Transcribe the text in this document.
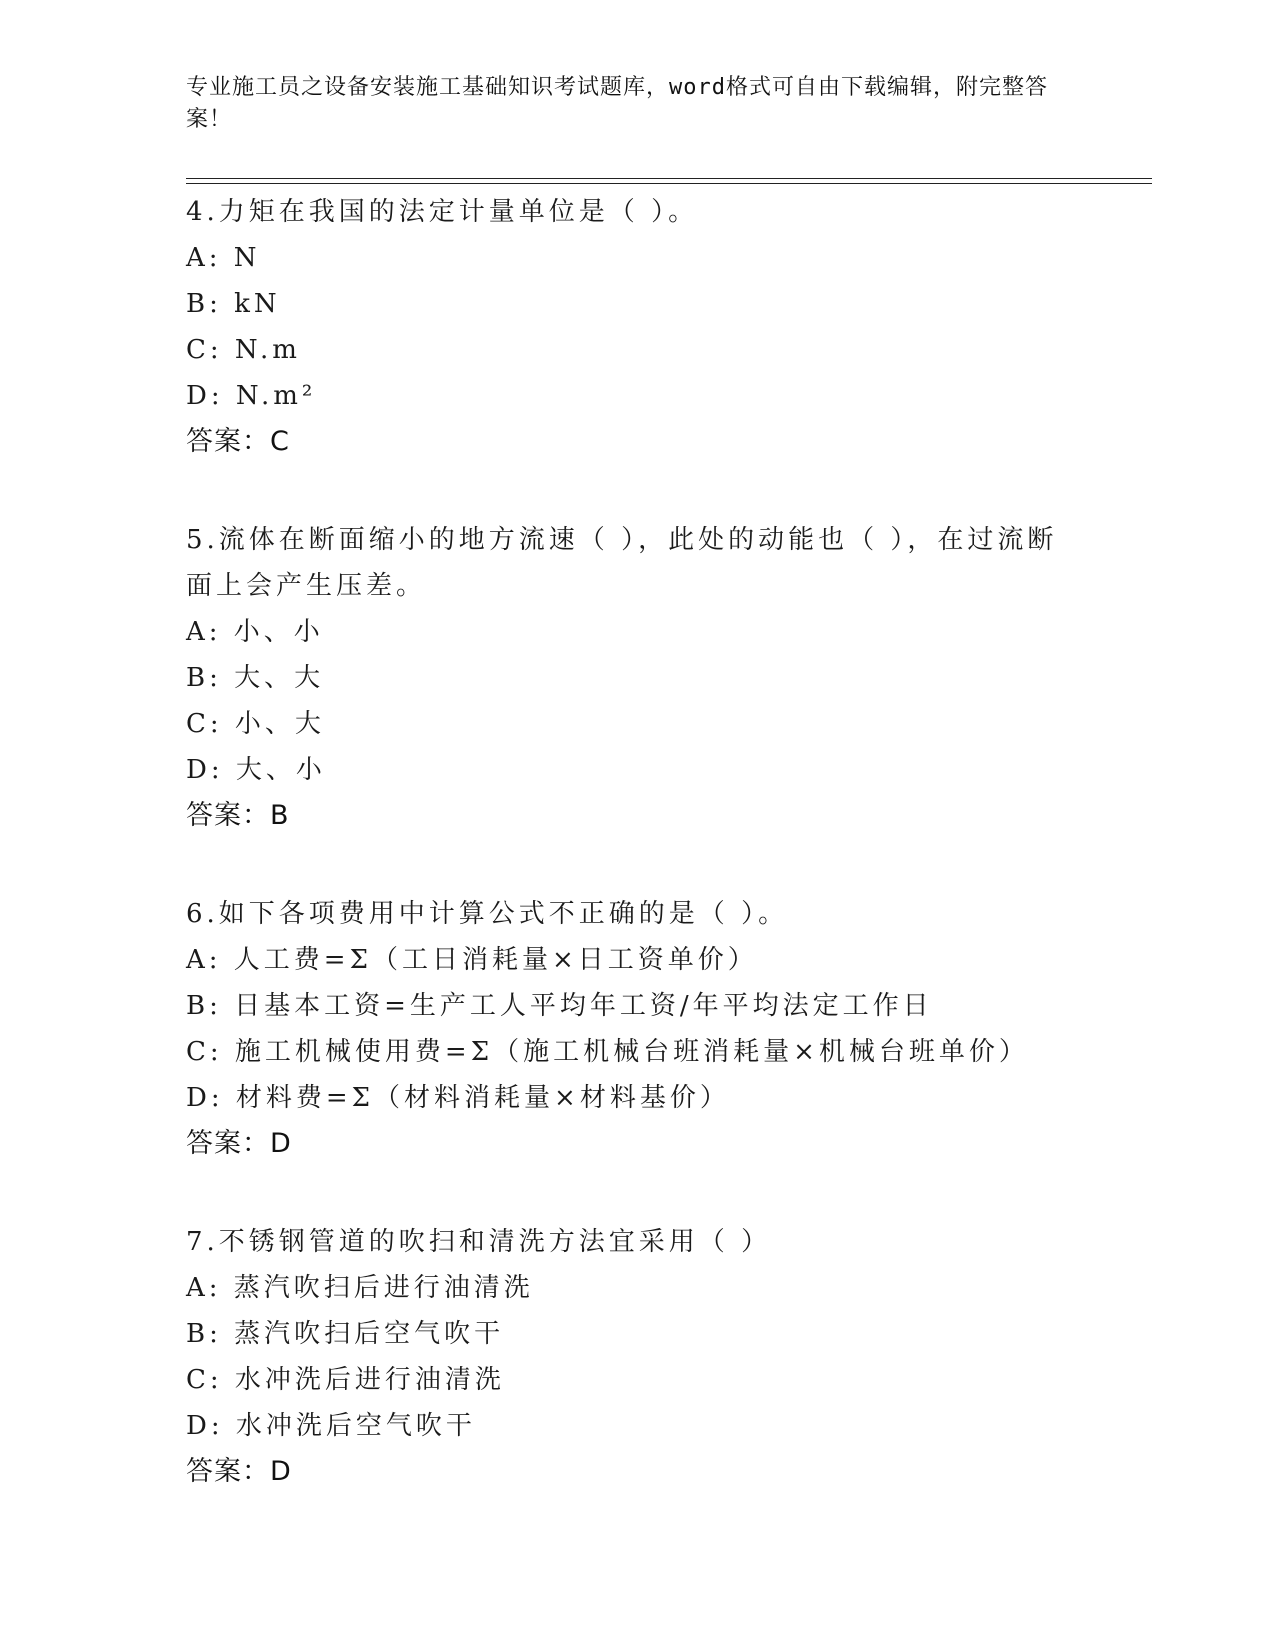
专业施工员之设备安装施工基础知识考试题库，word格式可自由下载编辑，附完整答案！
4.力矩在我国的法定计量单位是（ ）。
A: N
B: kN
C: N.m
D: N.m²
答案：C
5.流体在断面缩小的地方流速（ ），此处的动能也（ ），在过流断面上会产生压差。
A: 小、小
B: 大、大
C: 小、大
D: 大、小
答案：B
6.如下各项费用中计算公式不正确的是（ ）。
A: 人工费=Σ（工日消耗量×日工资单价）
B: 日基本工资=生产工人平均年工资/年平均法定工作日
C: 施工机械使用费=Σ（施工机械台班消耗量×机械台班单价）
D: 材料费=Σ（材料消耗量×材料基价）
答案：D
7.不锈钢管道的吹扫和清洗方法宜采用（ ）
A: 蒸汽吹扫后进行油清洗
B: 蒸汽吹扫后空气吹干
C: 水冲洗后进行油清洗
D: 水冲洗后空气吹干
答案：D
